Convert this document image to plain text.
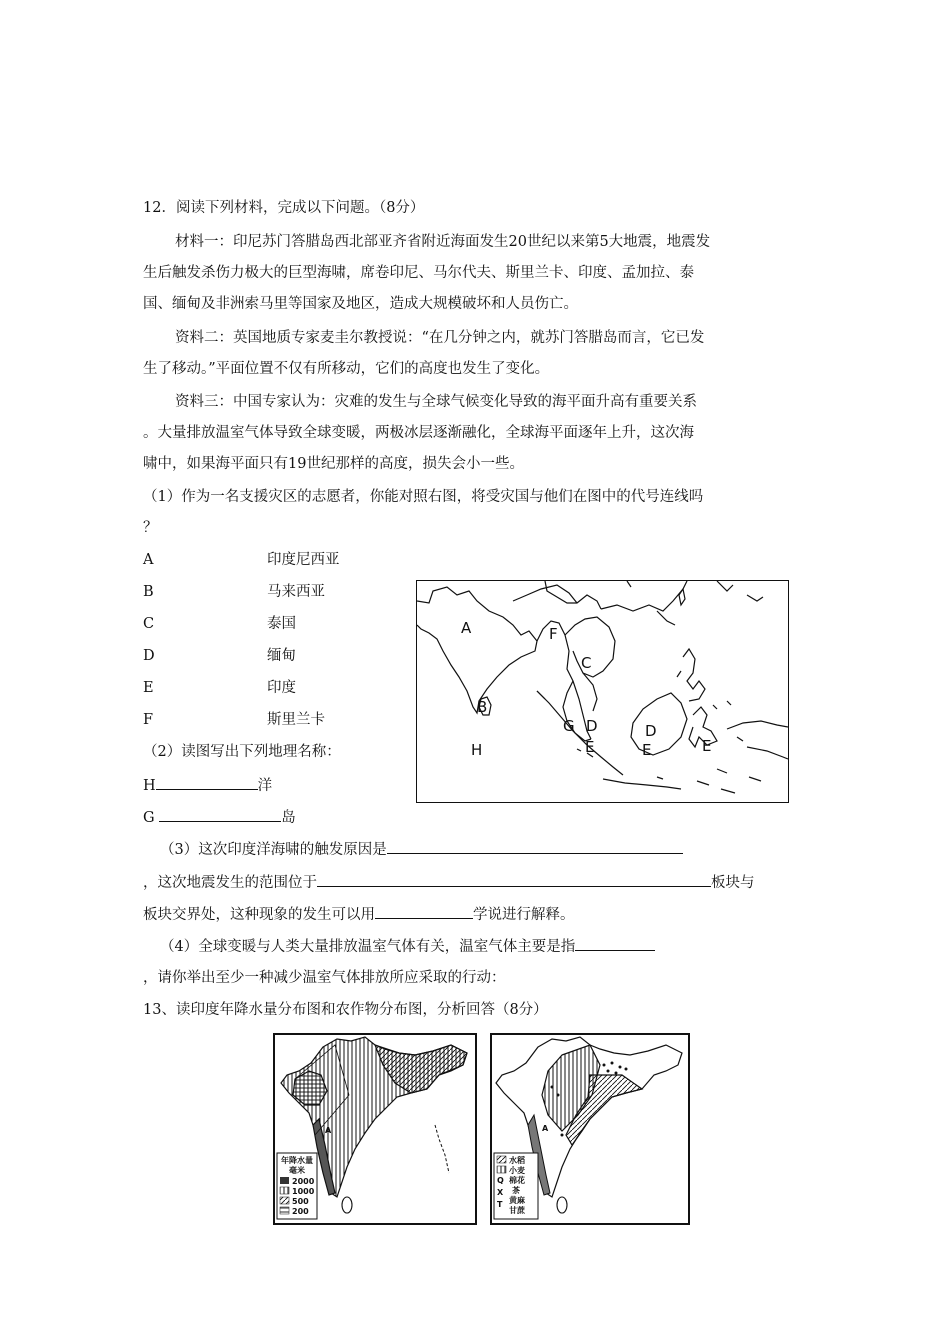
12．阅读下列材料，完成以下问题。（8分）
材料一：印尼苏门答腊岛西北部亚齐省附近海面发生20世纪以来第5大地震，地震发
生后触发杀伤力极大的巨型海啸，席卷印尼、马尔代夫、斯里兰卡、印度、孟加拉、泰
国、缅甸及非洲索马里等国家及地区，造成大规模破坏和人员伤亡。
资料二：英国地质专家麦圭尔教授说：“在几分钟之内，就苏门答腊岛而言，它已发
生了移动。”平面位置不仅有所移动，它们的高度也发生了变化。
资料三：中国专家认为：灾难的发生与全球气候变化导致的海平面升高有重要关系
。大量排放温室气体导致全球变暖，两极冰层逐渐融化，全球海平面逐年上升，这次海
啸中，如果海平面只有19世纪那样的高度，损失会小一些。
（1）作为一名支援灾区的志愿者，你能对照右图，将受灾国与他们在图中的代号连线吗
？
A	印度尼西亚
B	马来西亚
C	泰国
D	缅甸
E	印度
F	斯里兰卡
（2）读图写出下列地理名称：
H	洋
G	岛
（3）这次印度洋海啸的触发原因是
，这次地震发生的范围位于	板块与
板块交界处，这种现象的发生可以用	学说进行解释。
（4）全球变暖与人类大量排放温室气体有关，温室气体主要是指
，请你举出至少一种减少温室气体排放所应采取的行动：
A
B
C
D	D
E	E	E
F
G
H
13、读印度年降水量分布图和农作物分布图，分析回答（8分）
A
年降水量
毫米
2000
1000
500
200
A
水稻
小麦
Q 棉花
X 茶
T 黄麻
甘蔗
